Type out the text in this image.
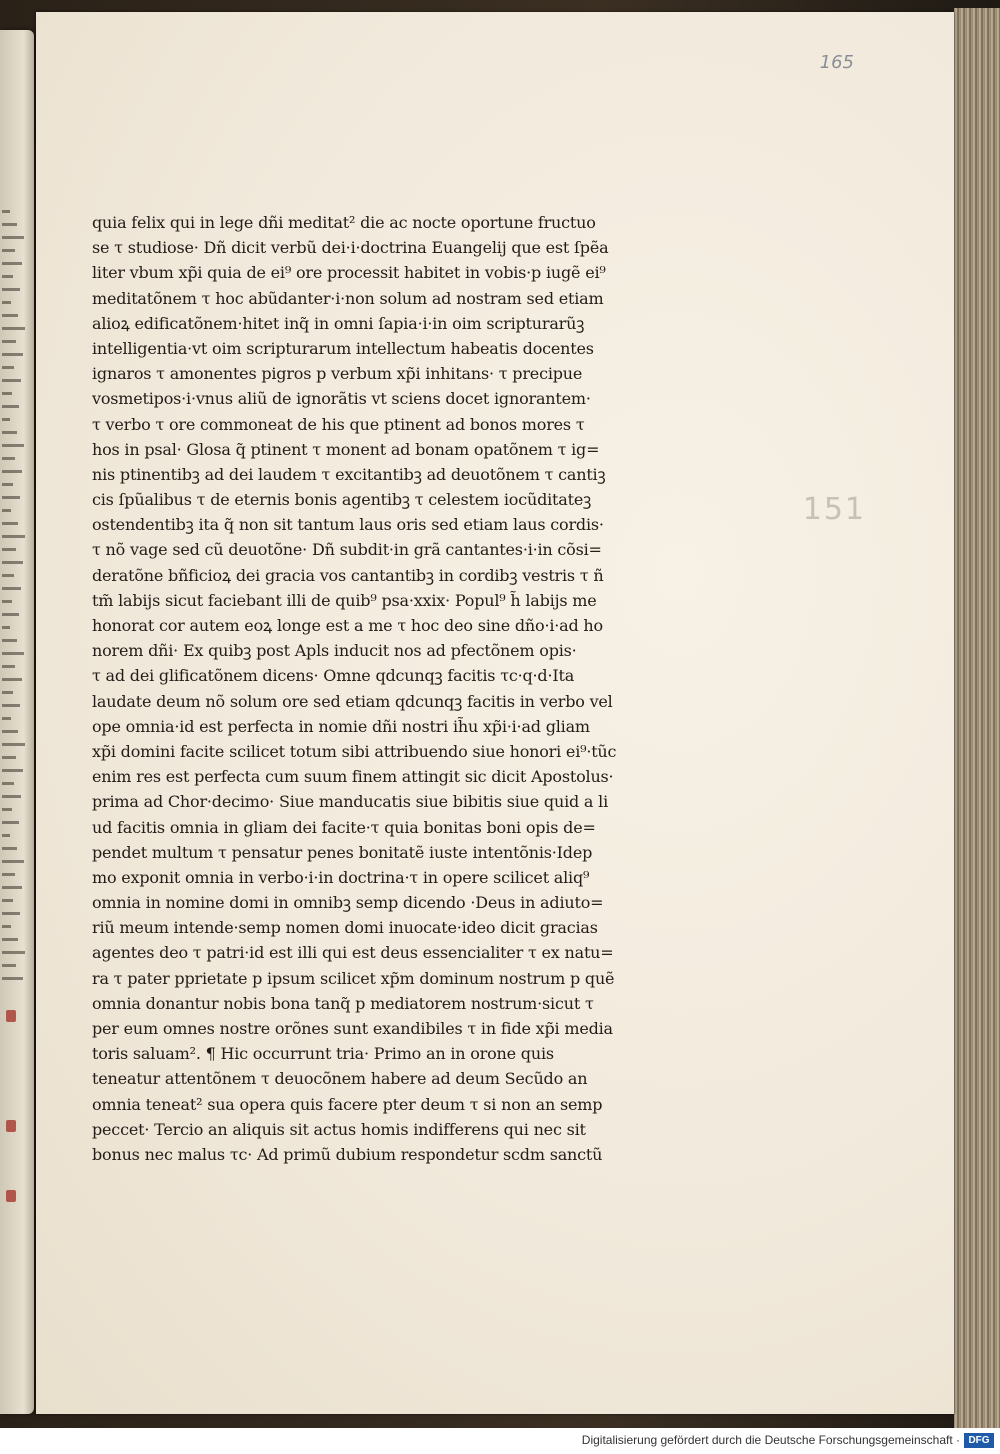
165
151
quia felix qui in lege dñi meditat² die ac nocte oportune fructuo
se τ studiose· Dñ dicit verbũ dei·i·doctrina Euangelij que est ſpẽa
liter vbum xp̃i quia de ei⁹ ore processit habitet in vobis·p iugẽ ei⁹
meditatõnem τ hoc abũdanter·i·non solum ad nostram sed etiam
alioꝝ edificatõnem·hitet inq̃ in omni ſapia·i·in oim scripturarũꝫ
intelligentia·vt oim scripturarum intellectum habeatis docentes
ignaros τ amonentes pigros p verbum xp̃i inhitans· τ precipue
vosmetipos·i·vnus aliũ de ignorãtis vt sciens docet ignorantem·
τ verbo τ ore commoneat de his que ptinent ad bonos mores τ
hos in psal· Glosa q̃ ptinent τ monent ad bonam opatõnem τ ig=
nis ptinentibꝫ ad dei laudem τ excitantibꝫ ad deuotõnem τ cantiꝫ
cis ſpũalibus τ de eternis bonis agentibꝫ τ celestem iocũditateꝫ
ostendentibꝫ ita q̃ non sit tantum laus oris sed etiam laus cordis·
τ nõ vage sed cũ deuotõne· Dñ subdit·in grã cantantes·i·in cõsi=
deratõne bñficioꝝ dei gracia vos cantantibꝫ in cordibꝫ vestris τ ñ
tm̃ labijs sicut faciebant illi de quib⁹ psa·xxix· Popul⁹ h̃ labijs me
honorat cor autem eoꝝ longe est a me τ hoc deo sine dño·i·ad ho
norem dñi· Ex quibꝫ post Apls inducit nos ad pfectõnem opis·
τ ad dei glificatõnem dicens· Omne qdcunqꝫ facitis τc·q·d·Ita
laudate deum nõ solum ore sed etiam qdcunqꝫ facitis in verbo vel
ope omnia·id est perfecta in nomie dñi nostri ih̃u xp̃i·i·ad gliam
xp̃i domini facite scilicet totum sibi attribuendo siue honori ei⁹·tũc
enim res est perfecta cum suum finem attingit sic dicit Apostolus·
prima ad Chor·decimo· Siue manducatis siue bibitis siue quid a li
ud facitis omnia in gliam dei facite·τ quia bonitas boni opis de=
pendet multum τ pensatur penes bonitatẽ iuste intentõnis·Idep
mo exponit omnia in verbo·i·in doctrina·τ in opere scilicet aliq⁹
omnia in nomine domi in omnibꝫ semp dicendo ·Deus in adiuto=
riũ meum intende·semp nomen domi inuocate·ideo dicit gracias
agentes deo τ patri·id est illi qui est deus essencialiter τ ex natu=
ra τ pater pprietate p ipsum scilicet xp̃m dominum nostrum p quẽ
omnia donantur nobis bona tanq̃ p mediatorem nostrum·sicut τ
per eum omnes nostre orõnes sunt exandibiles τ in fide xp̃i media
toris saluam². ¶ Hic occurrunt tria· Primo an in orone quis
teneatur attentõnem τ deuocõnem habere ad deum Secũdo an
omnia teneat² sua opera quis facere pter deum τ si non an semp
peccet· Tercio an aliquis sit actus homis indifferens qui nec sit
bonus nec malus τc· Ad primũ dubium respondetur scdm sanctũ
Digitalisierung gefördert durch die Deutsche Forschungsgemeinschaft · DFG
